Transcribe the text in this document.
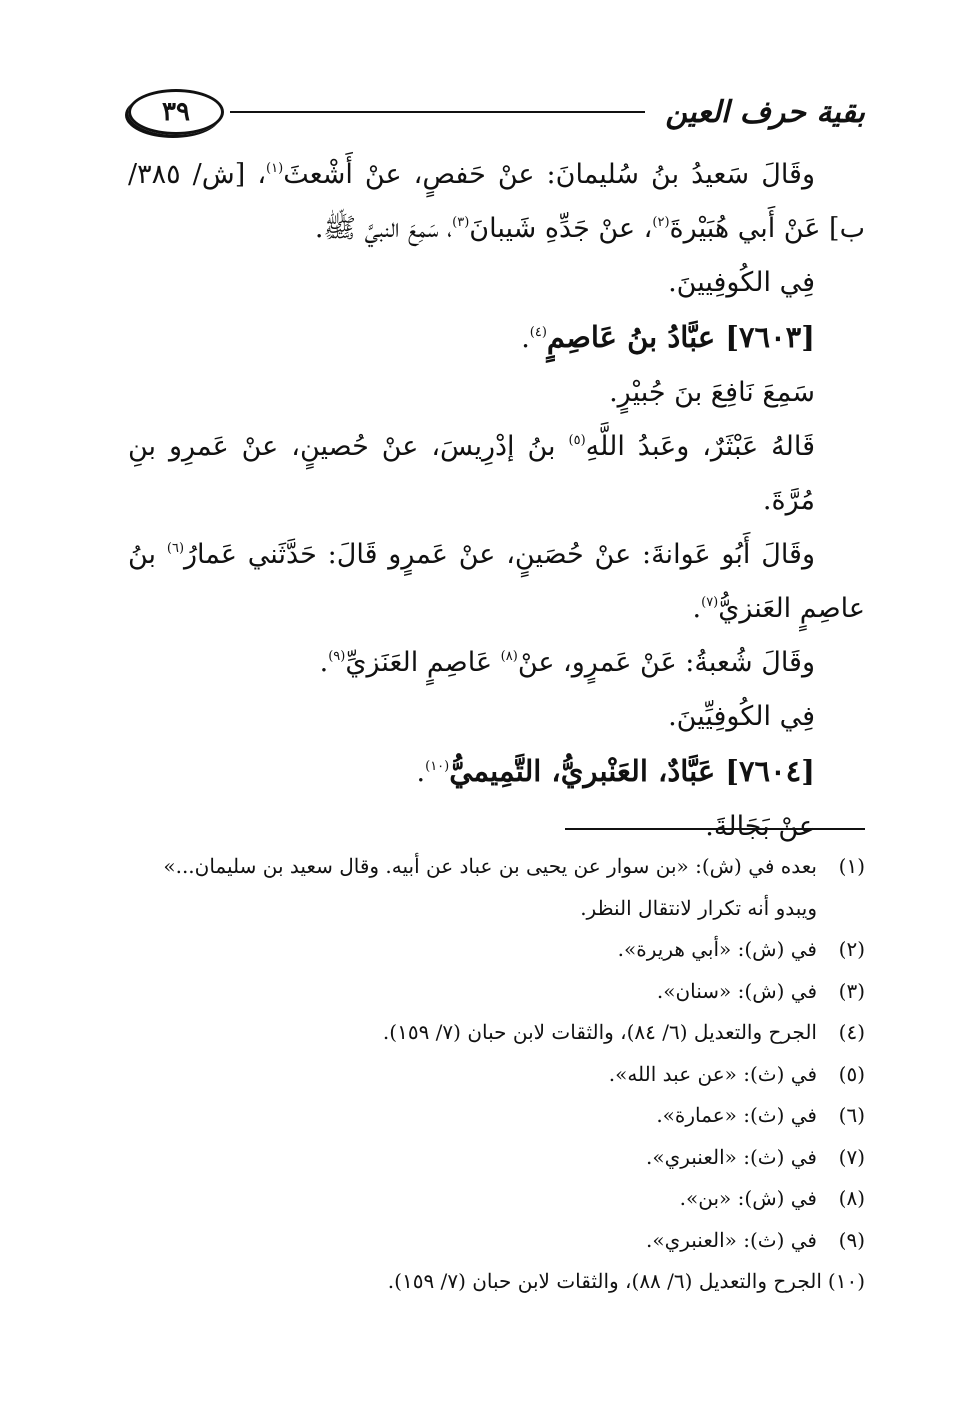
بقية حرف العين
٣٩

وقَالَ سَعيدُ بنُ سُليمانَ: عنْ حَفصٍ، عنْ أَشْعثَ$^{(١)}$، [ش/ ٣٨٥/ ب] عَنْ أَبي هُبَيْرةَ$^{(٢)}$، عنْ جَدِّهِ شَيبانَ$^{(٣)}$، سَمِعَ النبيَّ ﷺ.

فِي الكُوفِيينَ.

[٧٦٠٣] عبَّادُ بنُ عَاصِمٍ$^{(٤)}$.

سَمِعَ نَافِعَ بنَ جُبيْرٍ.

قَالهُ عَبْثَرٌ، وعَبدُ اللَّهِ$^{(٥)}$ بنُ إدْرِيسَ، عنْ حُصينٍ، عنْ عَمرِو بنِ مُرَّةَ.

وقَالَ أَبُو عَوانةَ: عنْ حُصَينٍ، عنْ عَمرٍو قَالَ: حَدَّثَني عَمارُ$^{(٦)}$ بنُ عاصِمٍ العَنزيُّ$^{(٧)}$.

وقَالَ شُعبةُ: عَنْ عَمرٍو، عنْ$^{(٨)}$ عَاصِمٍ العَنَزيِّ$^{(٩)}$.

فِي الكُوفِيِّينَ.

[٧٦٠٤] عَبَّادٌ، العَنْبريُّ، التَّمِيميُّ$^{(١٠)}$.

عنْ بَجَالةَ.

(١)
بعده في (ش): «بن سوار عن يحيى بن عباد عن أبيه. وقال سعيد بن سليمان...» ويبدو أنه تكرار لانتقال النظر.
(٢)
في (ش): «أبي هريرة».
(٣)
في (ش): «سنان».
(٤)
الجرح والتعديل (٦/ ٨٤)، والثقات لابن حبان (٧/ ١٥٩).
(٥)
في (ث): «عن عبد الله».
(٦)
في (ث): «عمارة».
(٧)
في (ث): «العنبري».
(٨)
في (ش): «بن».
(٩)
في (ث): «العنبري».
(١٠)
الجرح والتعديل (٦/ ٨٨)، والثقات لابن حبان (٧/ ١٥٩).
